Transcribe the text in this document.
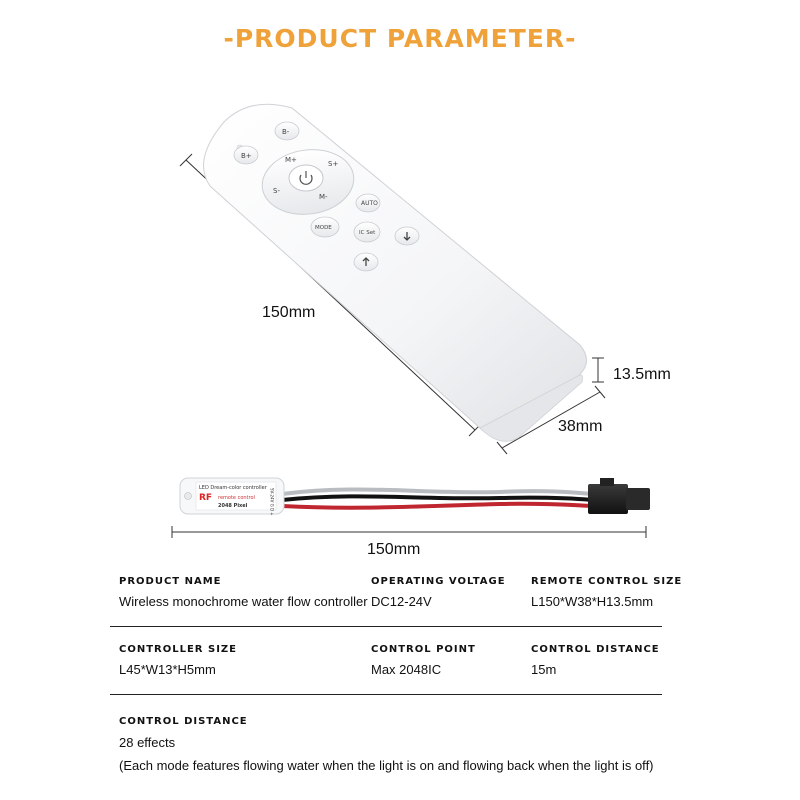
-PRODUCT PARAMETER-
B-
B+	M+	S+
S-
M-
AUTO
MODE
IC Set
LED Dream-color controller
RF remote control
2048 Pixel	5V-24V G D +
150mm
13.5mm
38mm
150mm
PRODUCT NAME
Wireless monochrome water flow controller
OPERATING VOLTAGE
DC12-24V
REMOTE CONTROL SIZE
L150*W38*H13.5mm
CONTROLLER SIZE
L45*W13*H5mm
CONTROL POINT
Max 2048IC
CONTROL DISTANCE
15m
CONTROL DISTANCE
28 effects
(Each mode features flowing water when the light is on and flowing back when the light is off)
